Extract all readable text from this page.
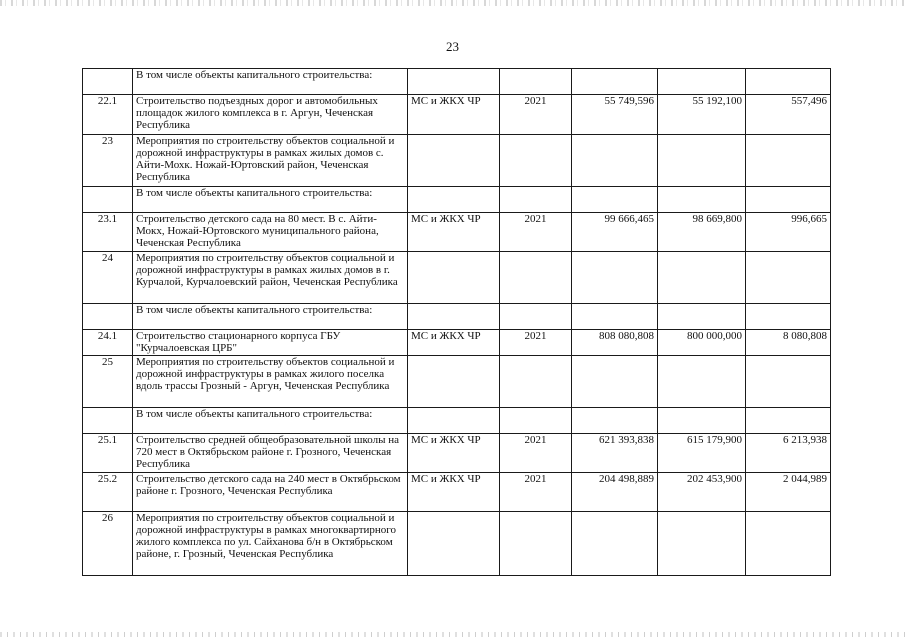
23
	В том числе объекты капитального строительства:					
22.1	Строительство подъездных дорог и автомобильных площадок жилого комплекса в г. Аргун, Чеченская Республика	МС и ЖКХ ЧР	2021	55 749,596	55 192,100	557,496
23	Мероприятия по строительству объектов социальной и дорожной инфраструктуры в рамках жилых домов с. Айти-Мохк. Ножай-Юртовский район, Чеченская Республика					
	В том числе объекты капитального строительства:					
23.1	Строительство детского сада на 80 мест. В с. Айти-Мокх, Ножай-Юртовского муниципального района, Чеченская Республика	МС и ЖКХ ЧР	2021	99 666,465	98 669,800	996,665
24	Мероприятия по строительству объектов социальной и дорожной инфраструктуры в рамках жилых домов в г. Курчалой, Курчалоевский район, Чеченская Республика					
	В том числе объекты капитального строительства:					
24.1	Строительство стационарного корпуса ГБУ "Курчалоевская ЦРБ"	МС и ЖКХ ЧР	2021	808 080,808	800 000,000	8 080,808
25	Мероприятия по строительству объектов социальной и дорожной инфраструктуры в рамках жилого поселка вдоль трассы Грозный - Аргун, Чеченская Республика					
	В том числе объекты капитального строительства:					
25.1	Строительство средней общеобразовательной школы на 720 мест в Октябрьском районе г. Грозного, Чеченская Республика	МС и ЖКХ ЧР	2021	621 393,838	615 179,900	6 213,938
25.2	Строительство детского сада на 240 мест в Октябрьском районе г. Грозного, Чеченская Республика	МС и ЖКХ ЧР	2021	204 498,889	202 453,900	2 044,989
26	Мероприятия по строительству объектов социальной и дорожной инфраструктуры в рамках многоквартирного жилого комплекса по ул. Сайханова б/н в Октябрьском районе, г. Грозный, Чеченская Республика					
